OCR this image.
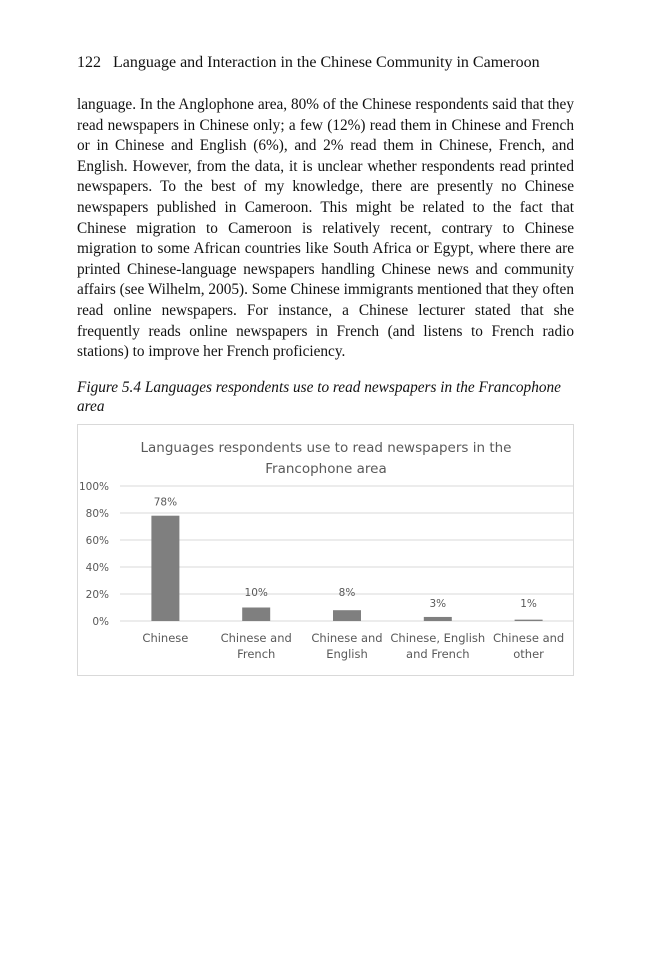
122 Language and Interaction in the Chinese Community in Cameroon

language. In the Anglophone area, 80% of the Chinese respondents said that they read newspapers in Chinese only; a few (12%) read them in Chinese and French or in Chinese and English (6%), and 2% read them in Chinese, French, and English. However, from the data, it is unclear whether respondents read printed newspapers. To the best of my knowledge, there are presently no Chinese newspapers published in Cameroon. This might be related to the fact that Chinese migration to Cameroon is relatively recent, contrary to Chinese migration to some African countries like South Africa or Egypt, where there are printed Chinese-language newspapers handling Chinese news and community affairs (see Wilhelm, 2005). Some Chinese immigrants mentioned that they often read online newspapers. For instance, a Chinese lecturer stated that she frequently reads online newspapers in French (and listens to French radio stations) to improve her French proficiency.

Figure 5.4 Languages respondents use to read newspapers in the Francophone area

Languages respondents use to read newspapers in the
Francophone area
0%
20%
40%
60%
80%
100%
78%
Chinese
10%
Chinese and
French
8%
Chinese and
English
3%
Chinese, English
and French
1%
Chinese and
other
